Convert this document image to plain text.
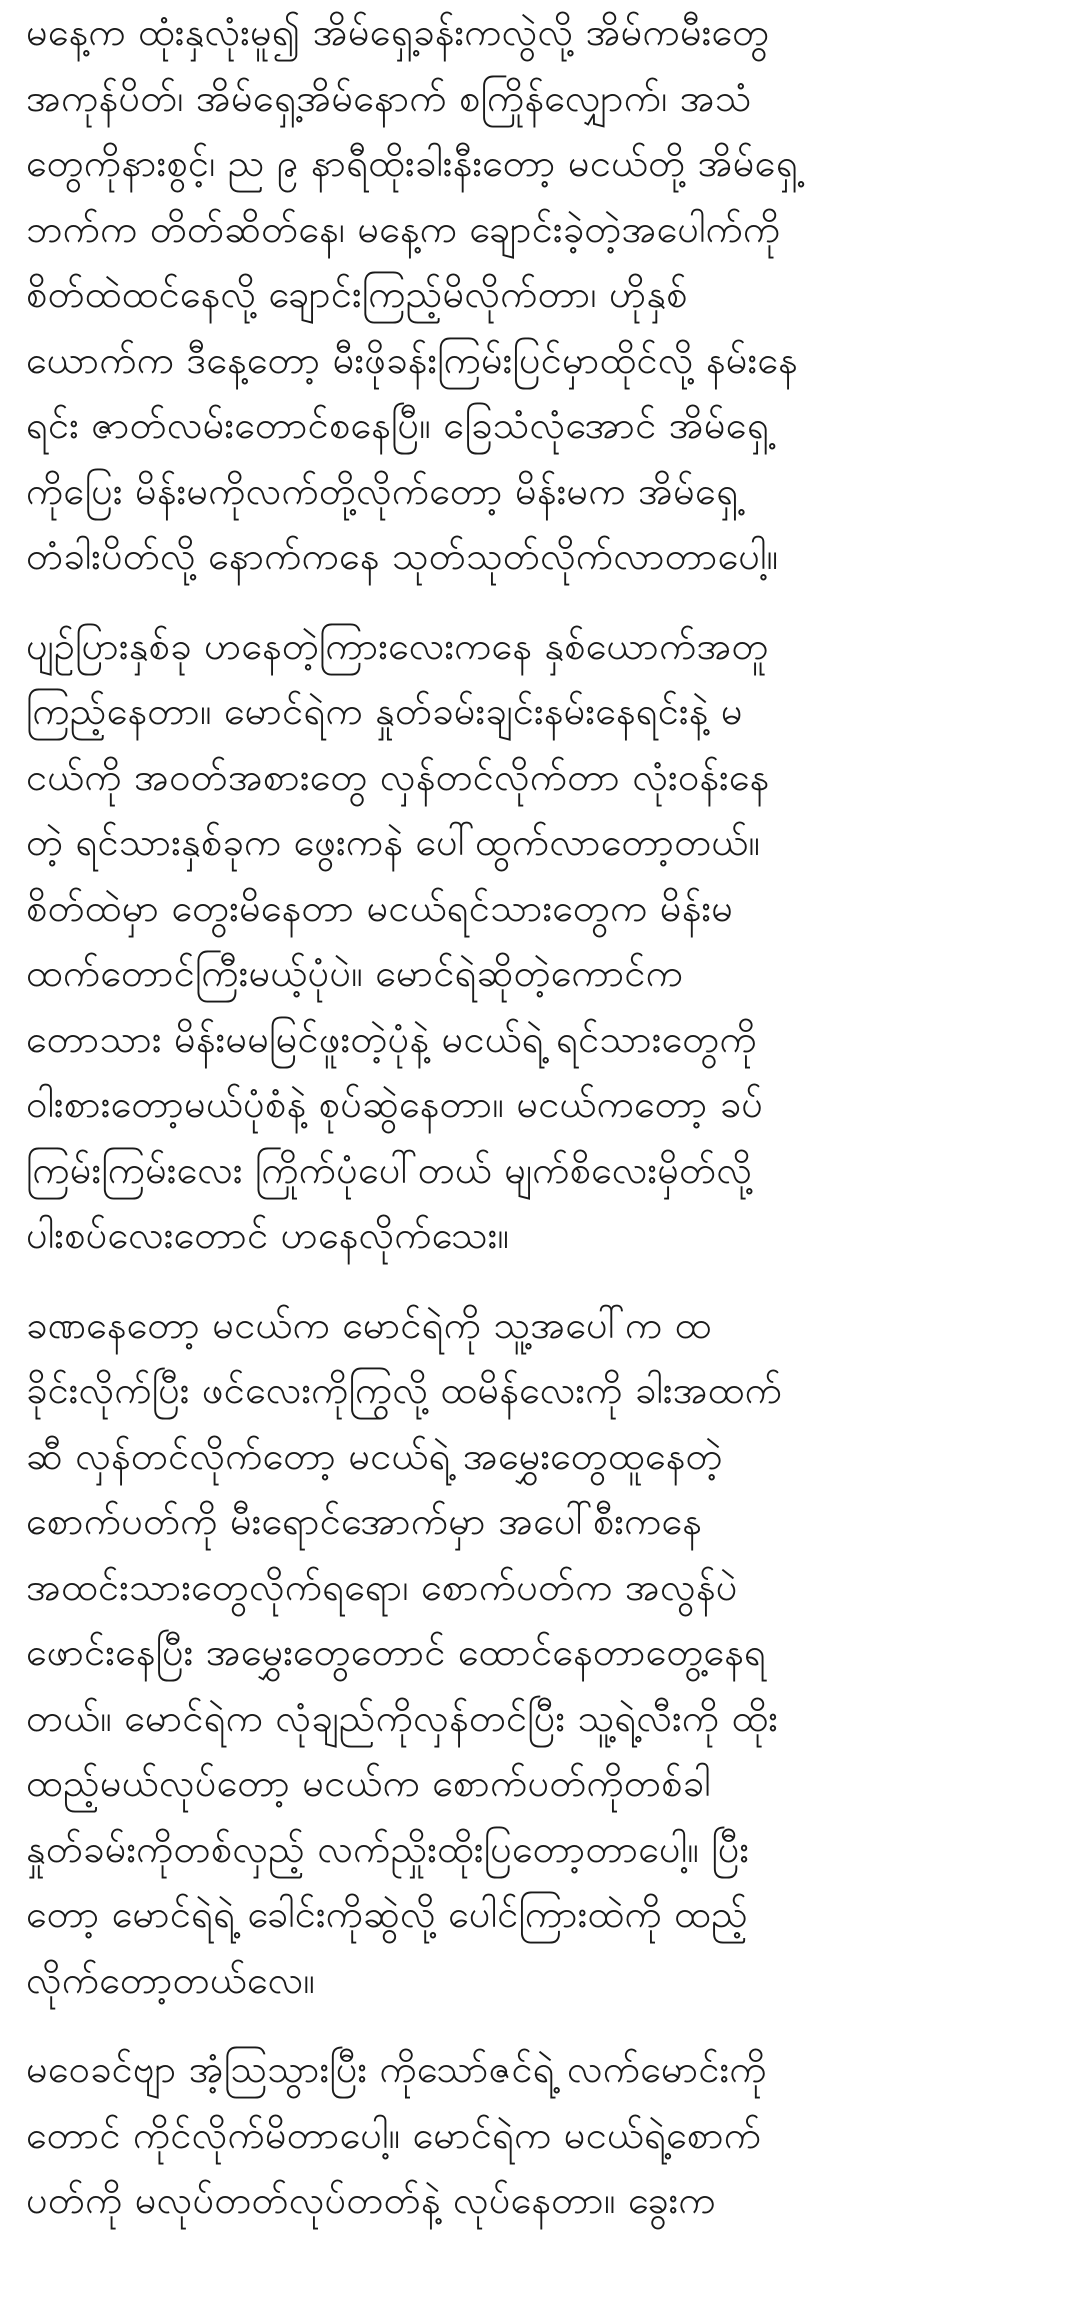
မနေ့က ထုံးနှလုံးမူ၍ အိမ်ရှေ့ခန်းကလွဲလို့ အိမ်ကမီးတွေ
အကုန်ပိတ်၊ အိမ်ရှေ့အိမ်နောက် စကြိုန်လျှောက်၊ အသံ
တွေကိုနားစွင့်၊ ည ၉ နာရီထိုးခါးနီးတော့ မငယ်တို့ အိမ်ရှေ့
ဘက်က တိတ်ဆိတ်နေ၊ မနေ့က ချောင်းခဲ့တဲ့အပေါက်ကို
စိတ်ထဲထင်နေလို့ ချောင်းကြည့်မိလိုက်တာ၊ ဟိုနှစ်
ယောက်က ဒီနေ့တော့ မီးဖိုခန်းကြမ်းပြင်မှာထိုင်လို့ နမ်းနေ
ရင်း ဇာတ်လမ်းတောင်စနေပြီ။ ခြေသံလုံအောင် အိမ်ရှေ့
ကိုပြေး မိန်းမကိုလက်တို့လိုက်တော့ မိန်းမက အိမ်ရှေ့
တံခါးပိတ်လို့ နောက်ကနေ သုတ်သုတ်လိုက်လာတာပေါ့။
ပျဉ်ပြားနှစ်ခု ဟနေတဲ့ကြားလေးကနေ နှစ်ယောက်အတူ
ကြည့်နေတာ။ မောင်ရဲက နှုတ်ခမ်းချင်းနမ်းနေရင်းနဲ့ မ
ငယ်ကို အဝတ်အစားတွေ လှန်တင်လိုက်တာ လုံးဝန်းနေ
တဲ့ ရင်သားနှစ်ခုက ဖွေးကနဲ ပေါ်ထွက်လာတော့တယ်။
စိတ်ထဲမှာ တွေးမိနေတာ မငယ်ရင်သားတွေက မိန်းမ
ထက်တောင်ကြီးမယ့်ပုံပဲ။ မောင်ရဲဆိုတဲ့ကောင်က
တောသား မိန်းမမမြင်ဖူးတဲ့ပုံနဲ့ မငယ်ရဲ့ ရင်သားတွေကို
ဝါးစားတော့မယ်ပုံစံနဲ့ စုပ်ဆွဲနေတာ။ မငယ်ကတော့ ခပ်
ကြမ်းကြမ်းလေး ကြိုက်ပုံပေါ်တယ် မျက်စိလေးမှိတ်လို့
ပါးစပ်လေးတောင် ဟနေလိုက်သေး။
ခဏနေတော့ မငယ်က မောင်ရဲကို သူ့အပေါ်က ထ
ခိုင်းလိုက်ပြီး ဖင်လေးကိုကြွလို့ ထမိန်လေးကို ခါးအထက်
ဆီ လှန်တင်လိုက်တော့ မငယ်ရဲ့ အမွှေးတွေထူနေတဲ့
စောက်ပတ်ကို မီးရောင်အောက်မှာ အပေါ်စီးကနေ
အထင်းသားတွေလိုက်ရရော၊ စောက်ပတ်က အလွန်ပဲ
ဖောင်းနေပြီး အမွှေးတွေတောင် ထောင်နေတာတွေ့နေရ
တယ်။ မောင်ရဲက လုံချည်ကိုလှန်တင်ပြီး သူ့ရဲ့လီးကို ထိုး
ထည့်မယ်လုပ်တော့ မငယ်က စောက်ပတ်ကိုတစ်ခါ
နှုတ်ခမ်းကိုတစ်လှည့် လက်ညှိုးထိုးပြတော့တာပေါ့။ ပြီး
တော့ မောင်ရဲရဲ့ ခေါင်းကိုဆွဲလို့ ပေါင်ကြားထဲကို ထည့်
လိုက်တော့တယ်လေ။
မဝေခင်ဗျာ အံ့သြသွားပြီး ကိုသော်ဇင်ရဲ့ လက်မောင်းကို
တောင် ကိုင်လိုက်မိတာပေါ့။ မောင်ရဲက မငယ်ရဲ့စောက်
ပတ်ကို မလုပ်တတ်လုပ်တတ်နဲ့ လုပ်နေတာ။ ခွေးက
